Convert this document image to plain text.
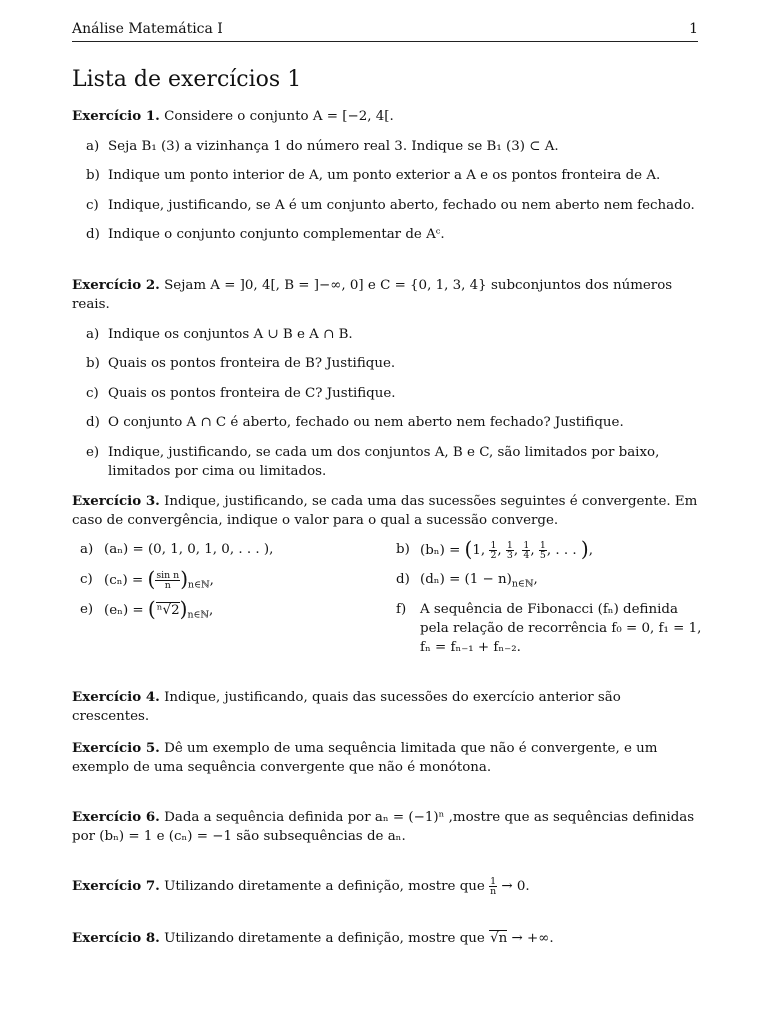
Análise Matemática I	1
Lista de exercícios 1

Exercício 1. Considere o conjunto A = [−2, 4[.

a) Seja B₁ (3) a vizinhança 1 do número real 3. Indique se B₁ (3) ⊂ A.
b) Indique um ponto interior de A, um ponto exterior a A e os pontos fronteira de A.
c) Indique, justificando, se A é um conjunto aberto, fechado ou nem aberto nem fechado.
d) Indique o conjunto conjunto complementar de Aᶜ.

Exercício 2. Sejam A = ]0, 4[, B = ]−∞, 0] e C = {0, 1, 3, 4} subconjuntos dos números reais.

a) Indique os conjuntos A ∪ B e A ∩ B.
b) Quais os pontos fronteira de B? Justifique.
c) Quais os pontos fronteira de C? Justifique.
d) O conjunto A ∩ C é aberto, fechado ou nem aberto nem fechado? Justifique.
e) Indique, justificando, se cada um dos conjuntos A, B e C, são limitados por baixo, limitados por cima ou limitados.

Exercício 3. Indique, justificando, se cada uma das sucessões seguintes é convergente. Em caso de convergência, indique o valor para o qual a sucessão converge.

a) (aₙ) = (0, 1, 0, 1, 0, . . . ),	b) (bₙ) = (1, $\frac{1}{2}$ , $\frac{1}{3}$ , $\frac{1}{4}$ , $\frac{1}{5}$ , . . . ),
c) (cₙ) = ( $\frac{\text{sin n}}{n} )_{n\in ℕ}$,	d) $(d_n) = (1 - n)_{n\in ℕ}$,
e) $(e_n) = (^n√2)_{n\in ℕ}$,	f) A sequência de Fibonacci (fₙ) definida pela relação de recorrência f₀ = 0, f₁ = 1, fₙ = fₙ₋₁ + fₙ₋₂.

Exercício 4. Indique, justificando, quais das sucessões do exercício anterior são crescentes.

Exercício 5. Dê um exemplo de uma sequência limitada que não é convergente, e um exemplo de uma sequência convergente que não é monótona.

Exercício 6. Dada a sequência definida por aₙ = (−1)ⁿ ,mostre que as sequências definidas por (bₙ) = 1 e (cₙ) = −1 são subsequências de aₙ.

Exercício 7. Utilizando diretamente a definição, mostre que $\frac{1}{n} \to 0$.

Exercício 8. Utilizando diretamente a definição, mostre que √n → +∞.
